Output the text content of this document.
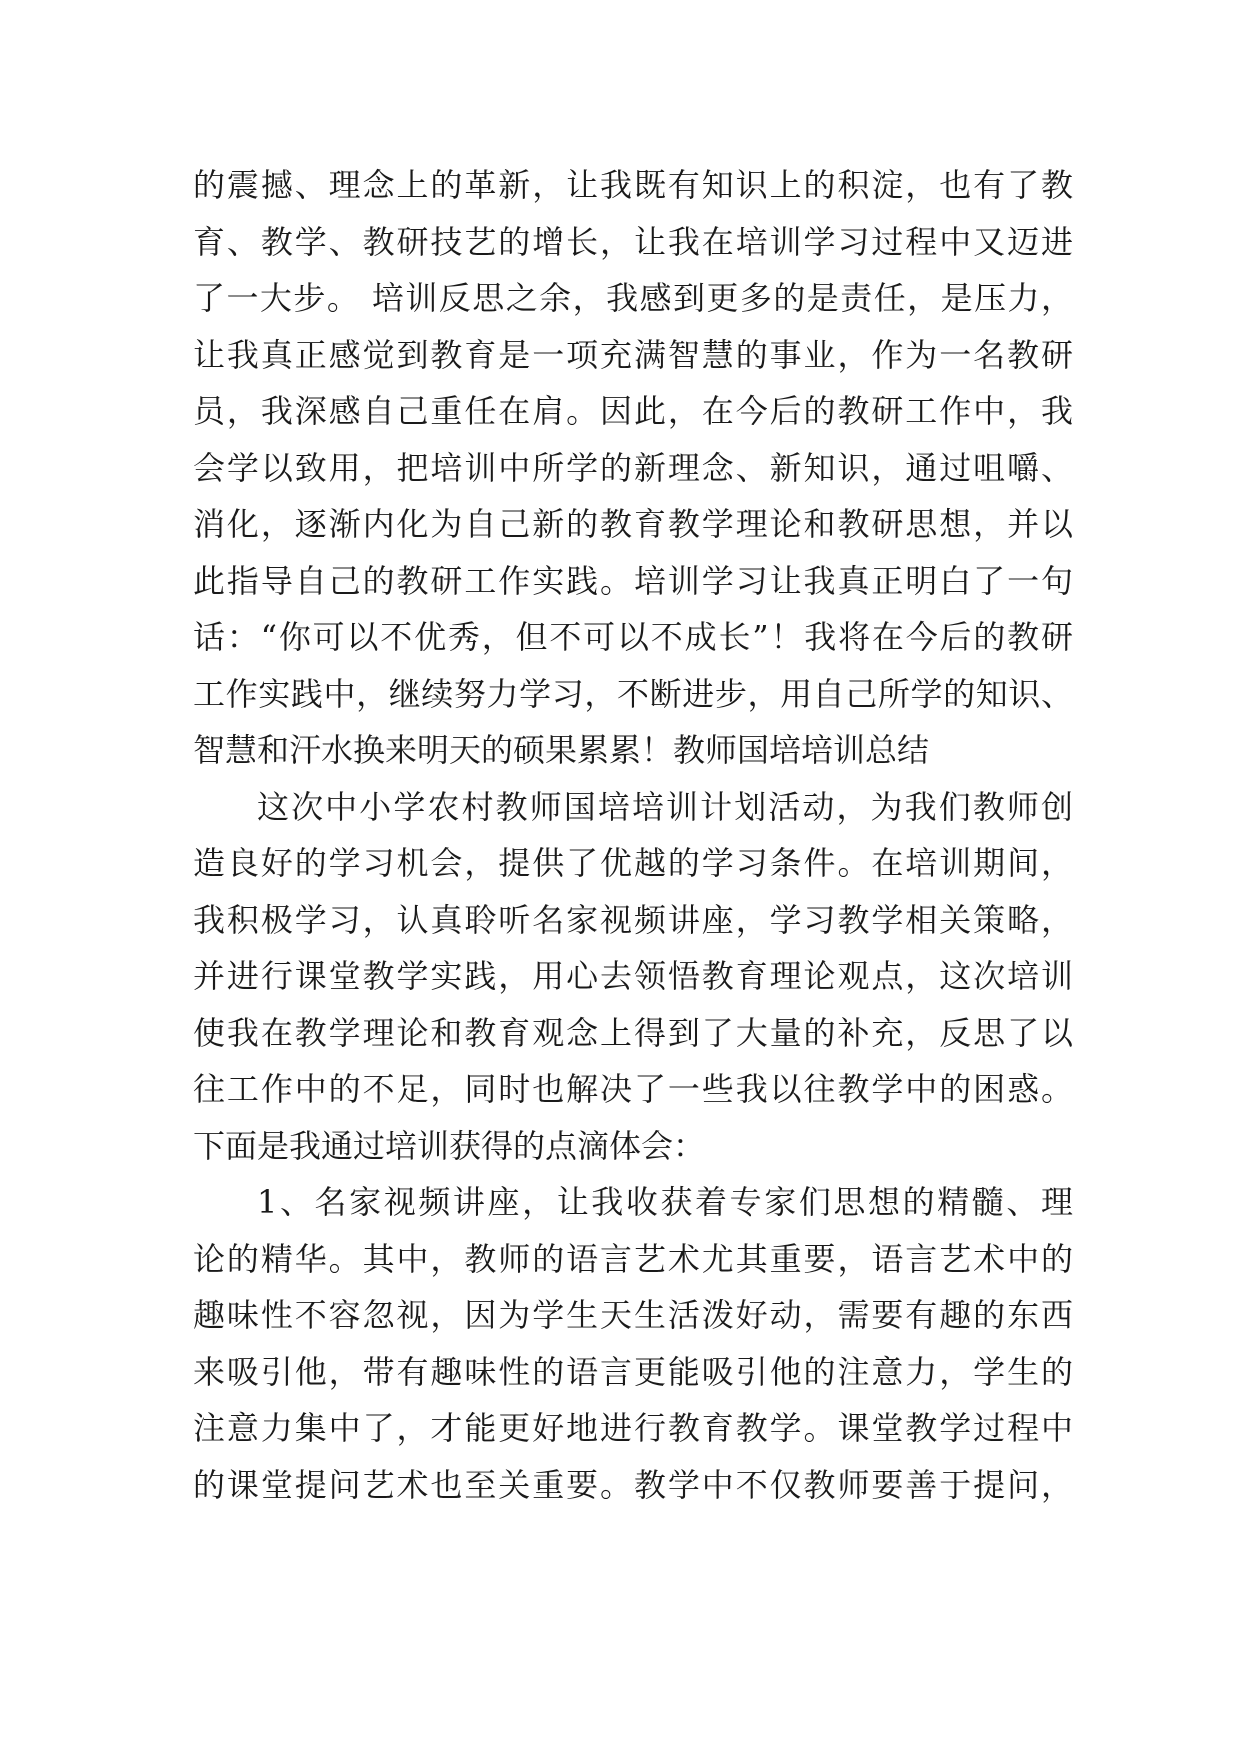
的震撼、理念上的革新，让我既有知识上的积淀，也有了教
育、教学、教研技艺的增长，让我在培训学习过程中又迈进
了一大步。 培训反思之余，我感到更多的是责任，是压力，
让我真正感觉到教育是一项充满智慧的事业，作为一名教研
员，我深感自己重任在肩。因此，在今后的教研工作中，我
会学以致用，把培训中所学的新理念、新知识，通过咀嚼、
消化，逐渐内化为自己新的教育教学理论和教研思想，并以
此指导自己的教研工作实践。培训学习让我真正明白了一句
话：“你可以不优秀，但不可以不成长”！我将在今后的教研
工作实践中，继续努力学习，不断进步，用自己所学的知识、
智慧和汗水换来明天的硕果累累！教师国培培训总结
这次中小学农村教师国培培训计划活动，为我们教师创
造良好的学习机会，提供了优越的学习条件。在培训期间，
我积极学习，认真聆听名家视频讲座，学习教学相关策略，
并进行课堂教学实践，用心去领悟教育理论观点，这次培训
使我在教学理论和教育观念上得到了大量的补充，反思了以
往工作中的不足，同时也解决了一些我以往教学中的困惑。
下面是我通过培训获得的点滴体会：
1、名家视频讲座，让我收获着专家们思想的精髓、理
论的精华。其中，教师的语言艺术尤其重要，语言艺术中的
趣味性不容忽视，因为学生天生活泼好动，需要有趣的东西
来吸引他，带有趣味性的语言更能吸引他的注意力，学生的
注意力集中了，才能更好地进行教育教学。课堂教学过程中
的课堂提问艺术也至关重要。教学中不仅教师要善于提问，
